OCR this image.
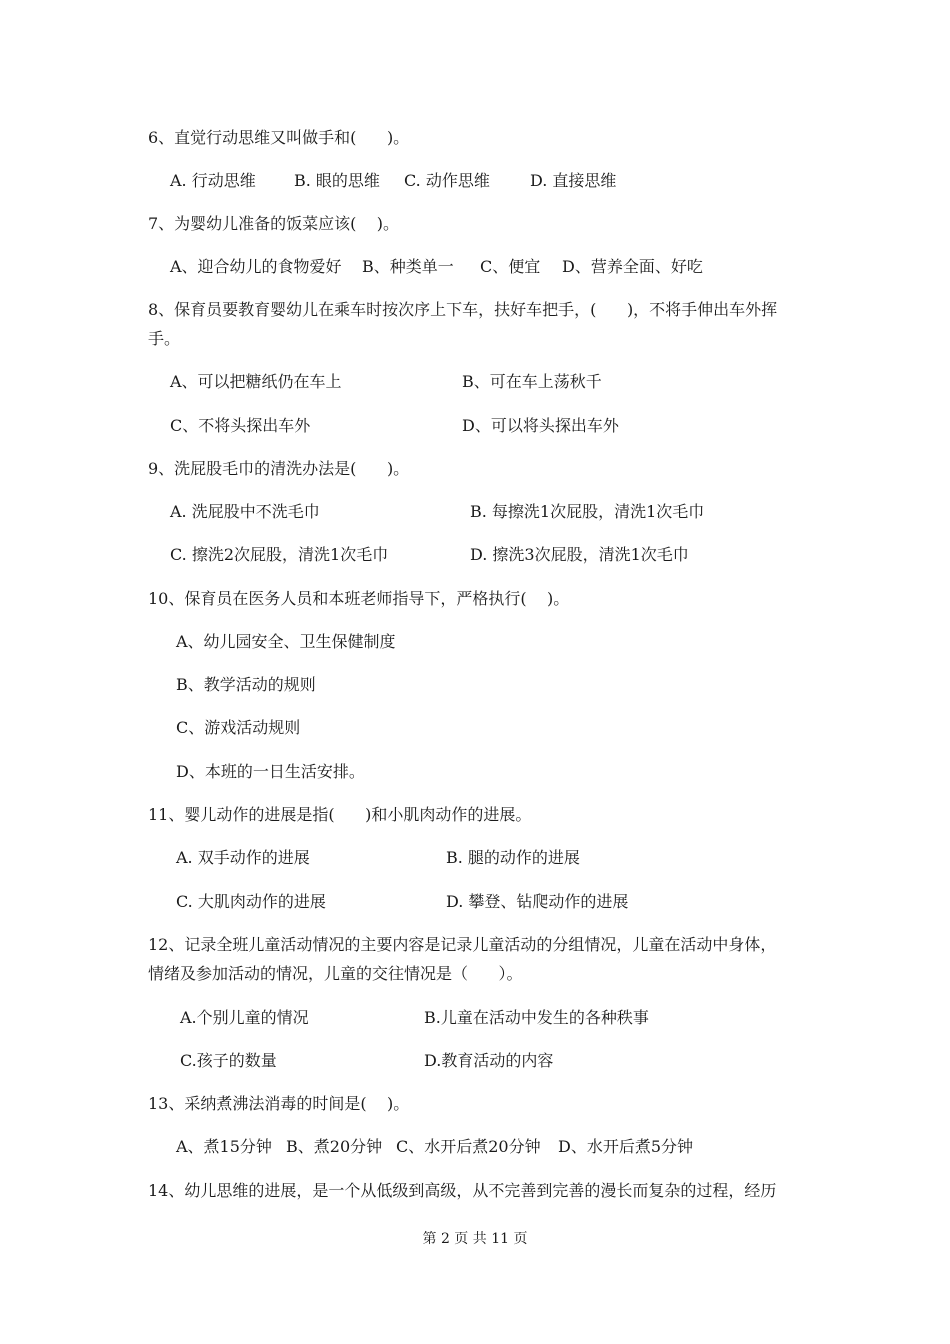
6、直觉行动思维又叫做手和(      )。
A. 行动思维 B. 眼的思维 C. 动作思维	D. 直接思维
7、为婴幼儿准备的饭菜应该(    )。
A、迎合幼儿的食物爱好 B、种类单一 C、便宜 D、营养全面、好吃
8、保育员要教育婴幼儿在乘车时按次序上下车，扶好车把手，(      )，不将手伸出车外挥
手。
A、可以把糖纸仍在车上	B、可在车上荡秋千
C、不将头探出车外	D、可以将头探出车外
9、洗屁股毛巾的清洗办法是(      )。
A. 洗屁股中不洗毛巾	B. 每擦洗1次屁股，清洗1次毛巾
C. 擦洗2次屁股，清洗1次毛巾	D. 擦洗3次屁股，清洗1次毛巾
10、保育员在医务人员和本班老师指导下，严格执行(    )。
A、幼儿园安全、卫生保健制度
B、教学活动的规则
C、游戏活动规则
D、本班的一日生活安排。
11、婴儿动作的进展是指(      )和小肌肉动作的进展。
A. 双手动作的进展	B. 腿的动作的进展
C. 大肌肉动作的进展	D. 攀登、钻爬动作的进展
12、记录全班儿童活动情况的主要内容是记录儿童活动的分组情况，儿童在活动中身体，
情绪及参加活动的情况，儿童的交往情况是（      ）。
A.个别儿童的情况	B.儿童在活动中发生的各种秩事
C.孩子的数量	D.教育活动的内容
13、采纳煮沸法消毒的时间是(    )。
A、煮15分钟 B、煮20分钟 C、水开后煮20分钟 D、水开后煮5分钟
14、幼儿思维的进展，是一个从低级到高级，从不完善到完善的漫长而复杂的过程，经历
第 2 页 共 11 页
